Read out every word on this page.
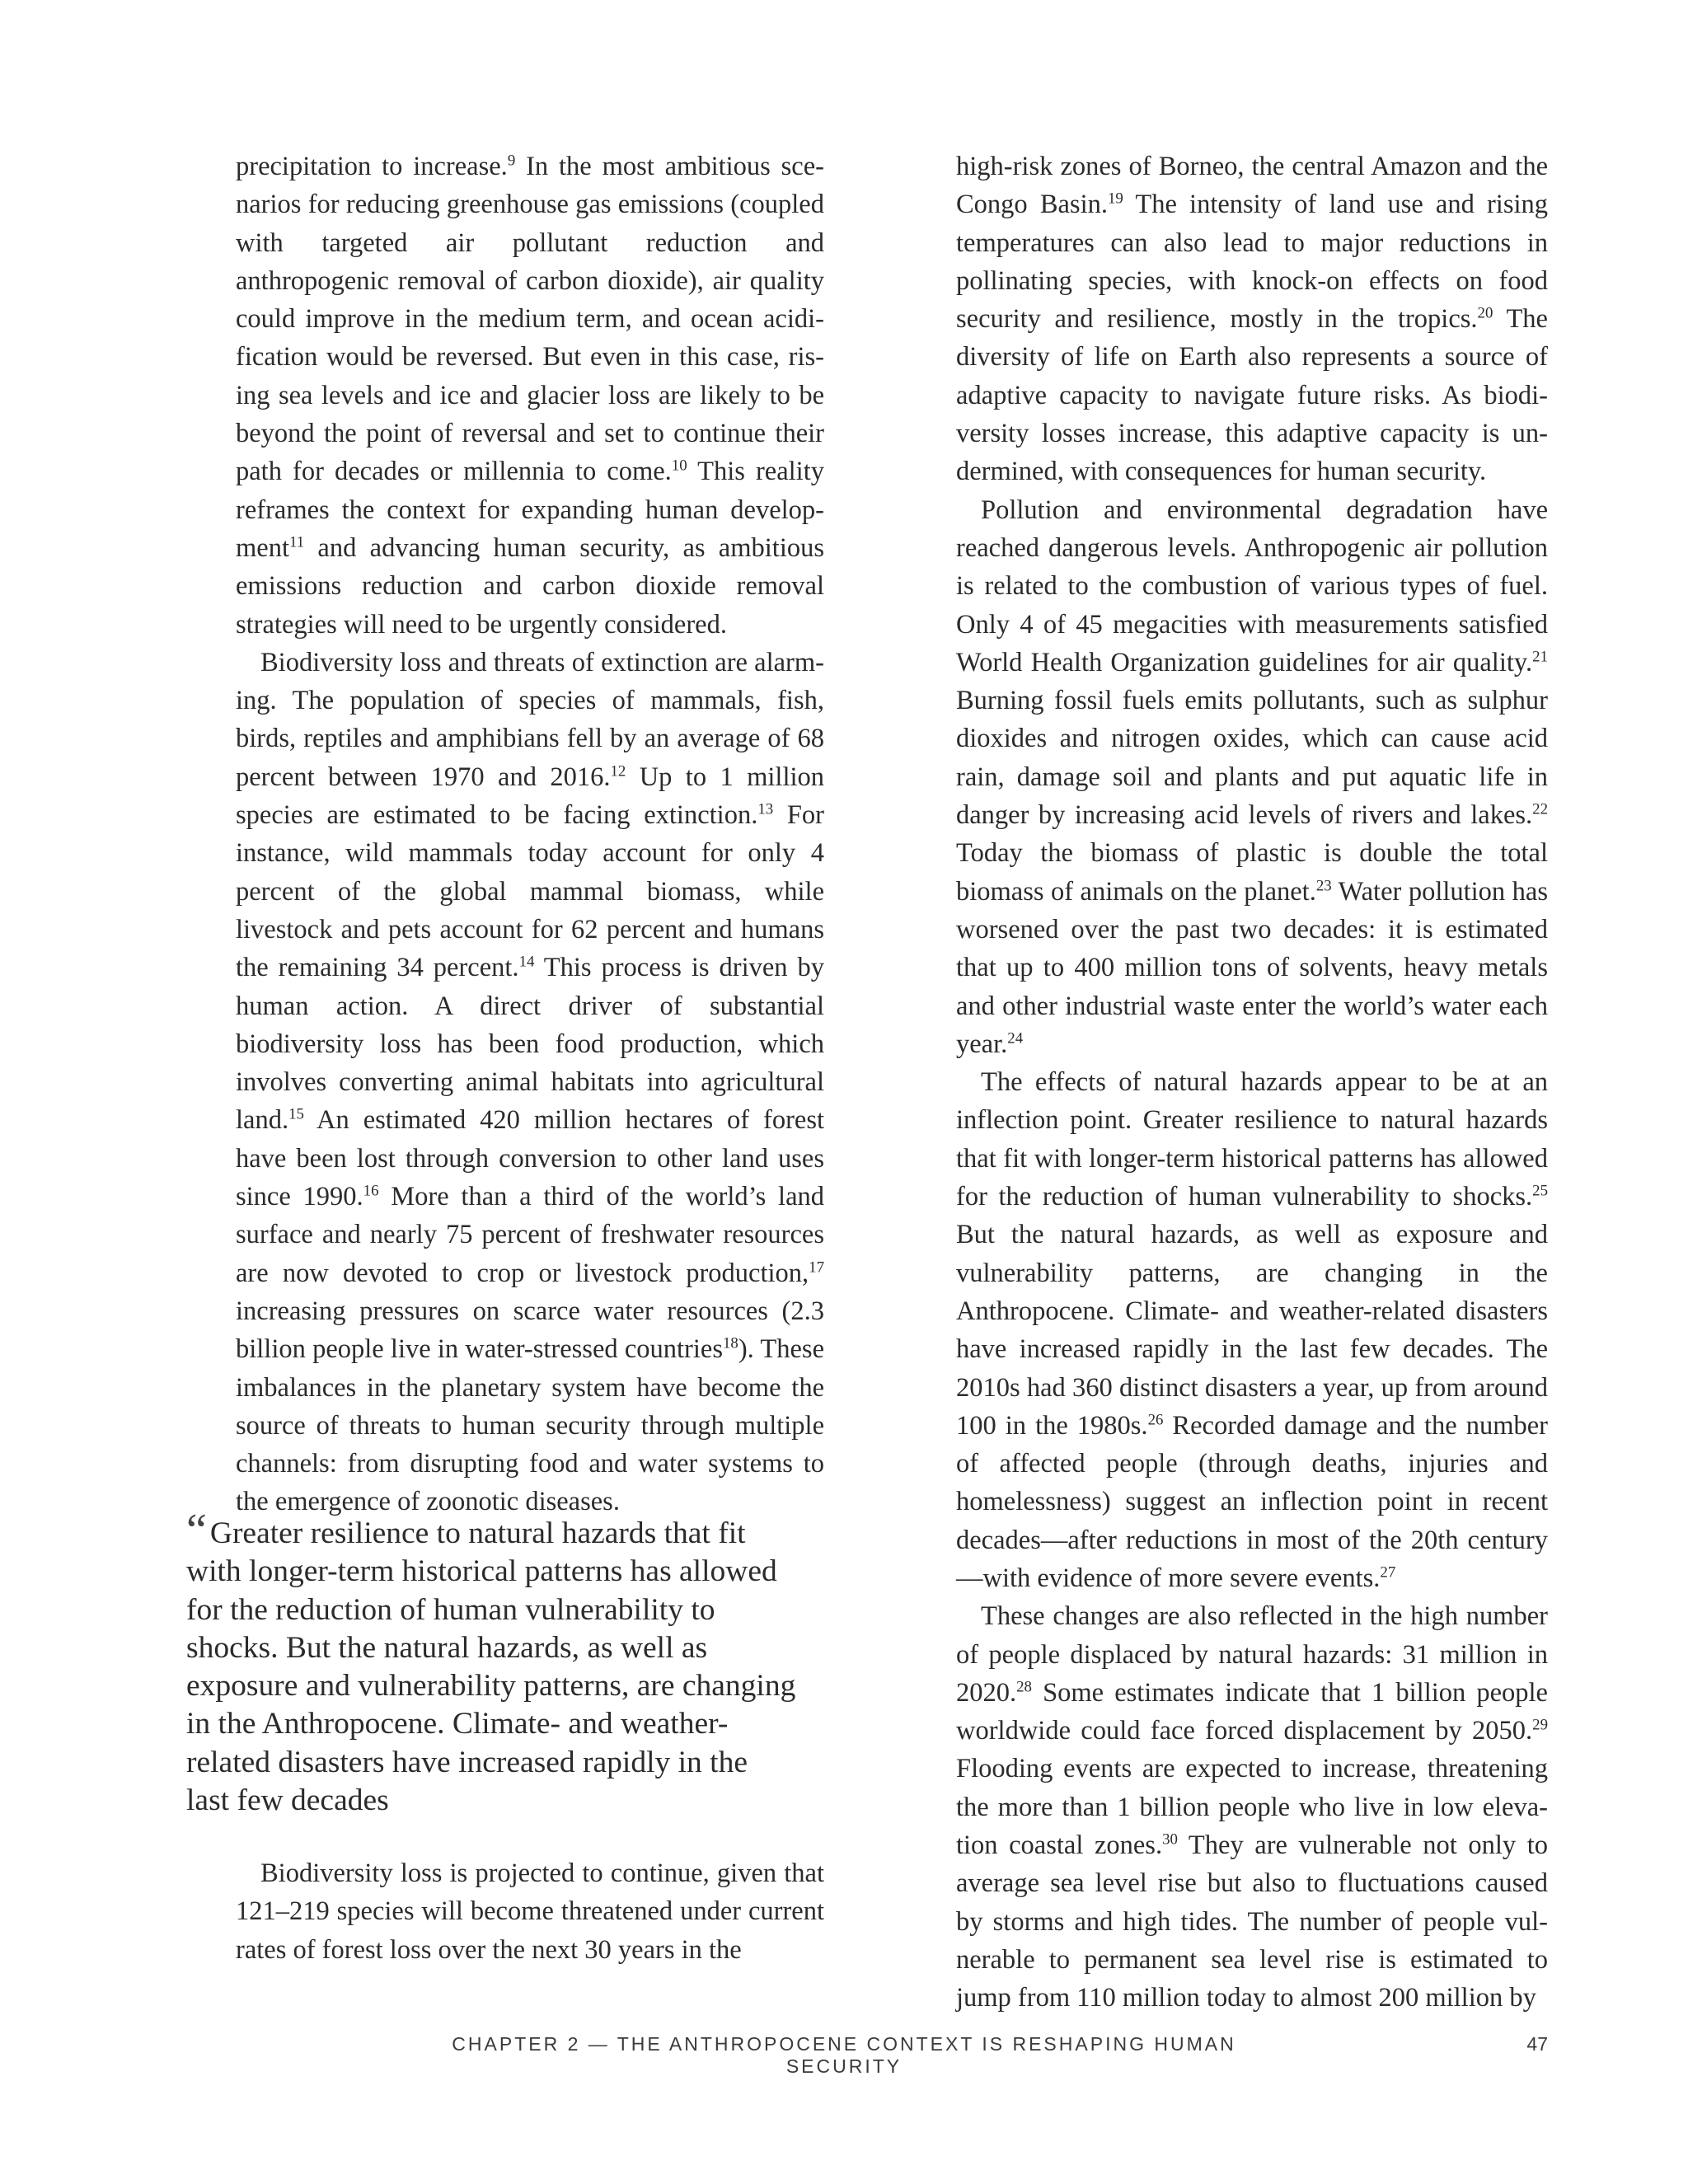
precipitation to increase.$^9$ In the most ambitious scenarios for reducing greenhouse gas emissions (coupled with targeted air pollutant reduction and anthropogenic removal of carbon dioxide), air quality could improve in the medium term, and ocean acidification would be reversed. But even in this case, rising sea levels and ice and glacier loss are likely to be beyond the point of reversal and set to continue their path for decades or millennia to come.$^{10}$ This reality reframes the context for expanding human development$^{11}$ and advancing human security, as ambitious emissions reduction and carbon dioxide removal strategies will need to be urgently considered.

Biodiversity loss and threats of extinction are alarming. The population of species of mammals, fish, birds, reptiles and amphibians fell by an average of 68 percent between 1970 and 2016.12 Up to 1 million species are estimated to be facing extinction.$^{13}$ For instance, wild mammals today account for only 4 percent of the global mammal biomass, while livestock and pets account for 62 percent and humans the remaining 34 percent.$^{14}$ This process is driven by human action. A direct driver of substantial biodiversity loss has been food production, which involves converting animal habitats into agricultural land.$^{15}$ An estimated 420 million hectares of forest have been lost through conversion to other land uses since 1990.16 More than a third of the world’s land surface and nearly 75 percent of freshwater resources are now devoted to crop or livestock production,$^{17}$ increasing pressures on scarce water resources (2.3 billion people live in water-stressed countries$^{18}$). These imbalances in the planetary system have become the source of threats to human security through multiple channels: from disrupting food and water systems to the emergence of zoonotic diseases.

“ Greater resilience to natural hazards that fit with longer-term historical patterns has allowed for the reduction of human vulnerability to shocks. But the natural hazards, as well as exposure and vulnerability patterns, are changing in the Anthropocene. Climate- and weather-related disasters have increased rapidly in the last few decades

Biodiversity loss is projected to continue, given that 121–219 species will become threatened under current rates of forest loss over the next 30 years in the

high-risk zones of Borneo, the central Amazon and the Congo Basin.$^{19}$ The intensity of land use and rising temperatures can also lead to major reductions in pollinating species, with knock-on effects on food security and resilience, mostly in the tropics.$^{20}$ The diversity of life on Earth also represents a source of adaptive capacity to navigate future risks. As biodiversity losses increase, this adaptive capacity is undermined, with consequences for human security.

Pollution and environmental degradation have reached dangerous levels. Anthropogenic air pollution is related to the combustion of various types of fuel. Only 4 of 45 megacities with measurements satisfied World Health Organization guidelines for air quality.$^{21}$ Burning fossil fuels emits pollutants, such as sulphur dioxides and nitrogen oxides, which can cause acid rain, damage soil and plants and put aquatic life in danger by increasing acid levels of rivers and lakes.$^{22}$ Today the biomass of plastic is double the total biomass of animals on the planet.$^{23}$ Water pollution has worsened over the past two decades: it is estimated that up to 400 million tons of solvents, heavy metals and other industrial waste enter the world’s water each year.$^{24}$

The effects of natural hazards appear to be at an inflection point. Greater resilience to natural hazards that fit with longer-term historical patterns has allowed for the reduction of human vulnerability to shocks.$^{25}$ But the natural hazards, as well as exposure and vulnerability patterns, are changing in the Anthropocene. Climate- and weather-related disasters have increased rapidly in the last few decades. The 2010s had 360 distinct disasters a year, up from around 100 in the 1980s.$^{26}$ Recorded damage and the number of affected people (through deaths, injuries and homelessness) suggest an inflection point in recent decades—after reductions in most of the 20th century—with evidence of more severe events.$^{27}$

These changes are also reflected in the high number of people displaced by natural hazards: 31 million in 2020.28 Some estimates indicate that 1 billion people worldwide could face forced displacement by 2050.29 Flooding events are expected to increase, threatening the more than 1 billion people who live in low elevation coastal zones.$^{30}$ They are vulnerable not only to average sea level rise but also to fluctuations caused by storms and high tides. The number of people vulnerable to permanent sea level rise is estimated to jump from 110 million today to almost 200 million by

CHAPTER 2 — THE ANTHROPOCENE CONTEXT IS RESHAPING HUMAN SECURITY
47
